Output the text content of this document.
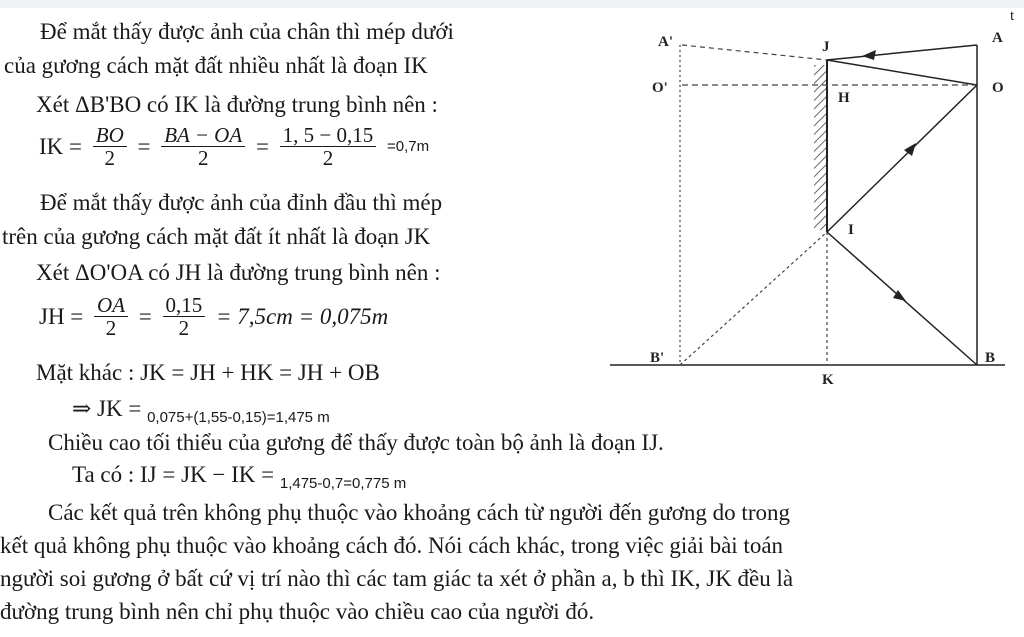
Để mắt thấy được ảnh của chân thì mép dưới
của gương cách mặt đất nhiều nhất là đoạn IK
Xét ΔB'BO có IK là đường trung bình nên :
IK = $\frac{BO}{2} = \frac{BA - OA}{2} = \frac{1, 5 - 0,15}{2} =0,7m$
Để mắt thấy được ảnh của đỉnh đầu thì mép
trên của gương cách mặt đất ít nhất là đoạn JK
Xét ΔO'OA có JH là đường trung bình nên :
JH = $\frac{OA}{2} = \frac{0,15}{2} = 7,5cm = 0,075m$
Mặt khác : JK = JH + HK = JH + OB
⇒ JK = $_{0,075+(1,55-0,15)=1,475 m}$
Chiều cao tối thiểu của gương để thấy được toàn bộ ảnh là đoạn IJ.
Ta có : IJ = JK − IK = $_{1,475-0,7=0,775 m}$
Các kết quả trên không phụ thuộc vào khoảng cách từ người đến gương do trong
kết quả không phụ thuộc vào khoảng cách đó. Nói cách khác, trong việc giải bài toán
người soi gương ở bất cứ vị trí nào thì các tam giác ta xét ở phần a, b thì IK, JK đều là
đường trung bình nên chỉ phụ thuộc vào chiều cao của người đó.
A'	A
J
O'	O
H
I
B'	B
K
t
